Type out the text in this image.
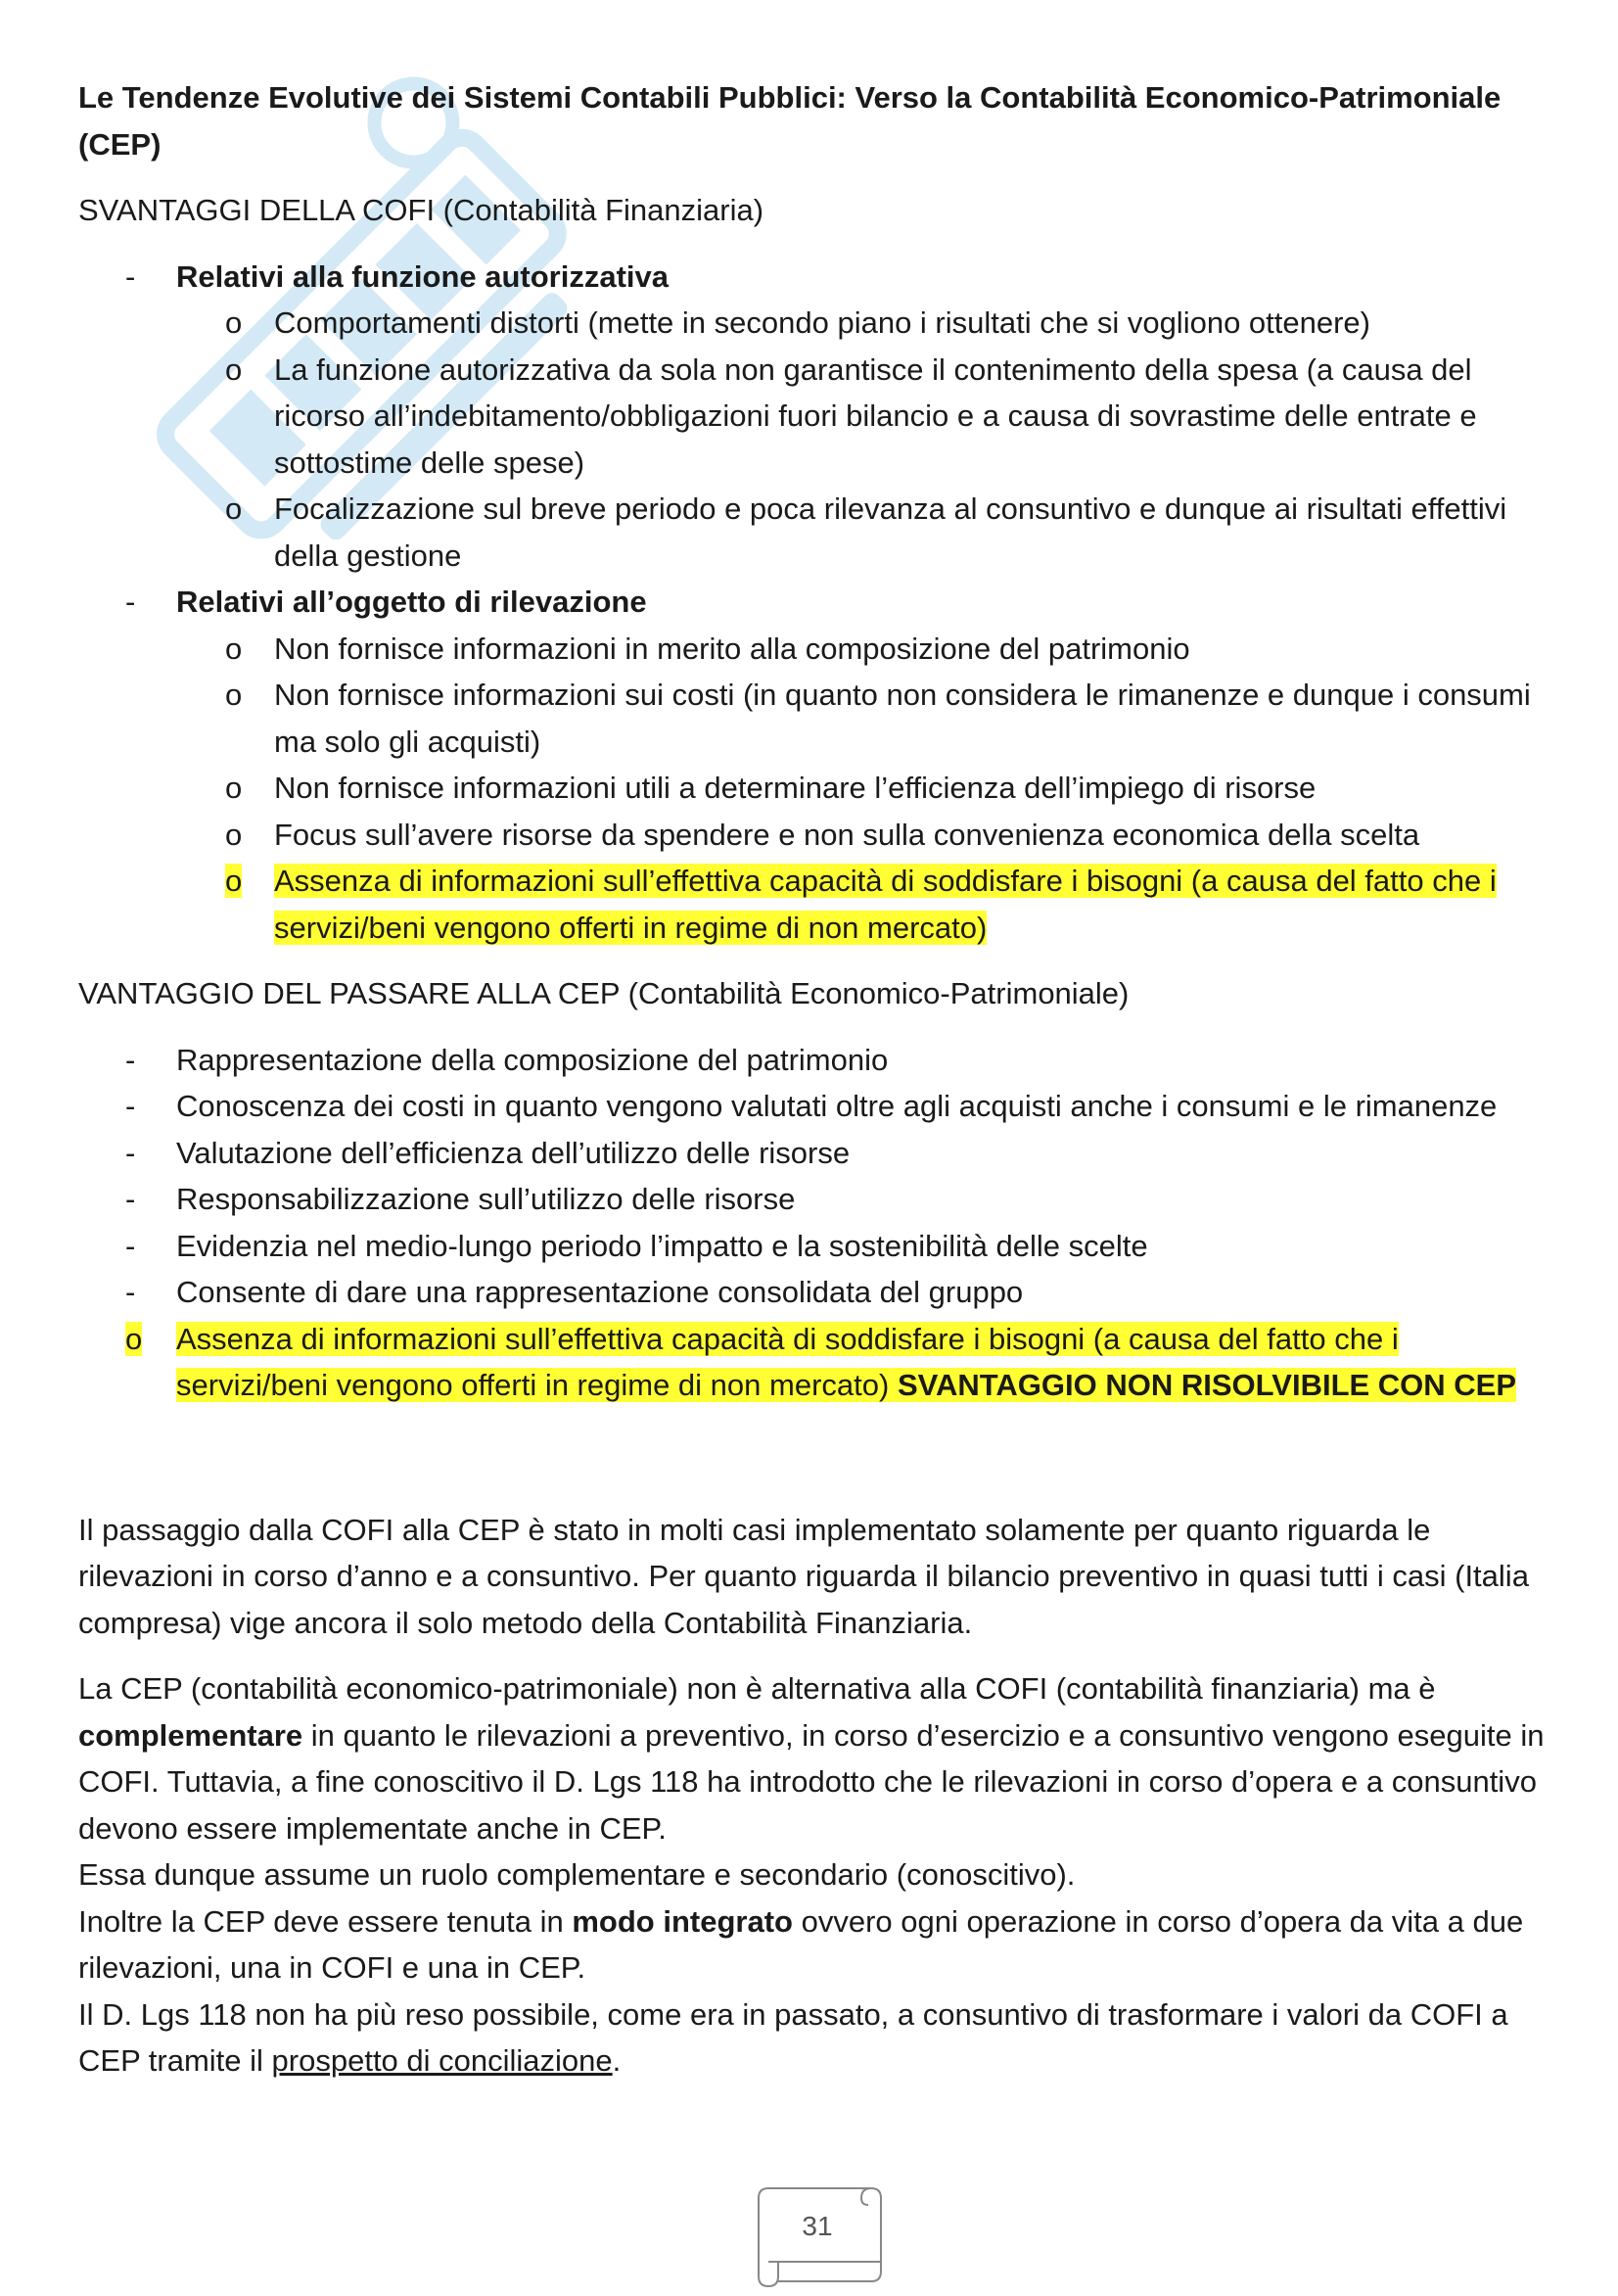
Le Tendenze Evolutive dei Sistemi Contabili Pubblici: Verso la Contabilità Economico-Patrimoniale (CEP)
SVANTAGGI DELLA COFI (Contabilità Finanziaria)
- Relativi alla funzione autorizzativa
o Comportamenti distorti (mette in secondo piano i risultati che si vogliono ottenere)
o La funzione autorizzativa da sola non garantisce il contenimento della spesa (a causa del ricorso all’indebitamento/obbligazioni fuori bilancio e a causa di sovrastime delle entrate e sottostime delle spese)
o Focalizzazione sul breve periodo e poca rilevanza al consuntivo e dunque ai risultati effettivi della gestione
- Relativi all’oggetto di rilevazione
o Non fornisce informazioni in merito alla composizione del patrimonio
o Non fornisce informazioni sui costi (in quanto non considera le rimanenze e dunque i consumi ma solo gli acquisti)
o Non fornisce informazioni utili a determinare l’efficienza dell’impiego di risorse
o Focus sull’avere risorse da spendere e non sulla convenienza economica della scelta
o Assenza di informazioni sull’effettiva capacità di soddisfare i bisogni (a causa del fatto che i servizi/beni vengono offerti in regime di non mercato)
VANTAGGIO DEL PASSARE ALLA CEP (Contabilità Economico-Patrimoniale)
- Rappresentazione della composizione del patrimonio
- Conoscenza dei costi in quanto vengono valutati oltre agli acquisti anche i consumi e le rimanenze
- Valutazione dell’efficienza dell’utilizzo delle risorse
- Responsabilizzazione sull’utilizzo delle risorse
- Evidenzia nel medio-lungo periodo l’impatto e la sostenibilità delle scelte
- Consente di dare una rappresentazione consolidata del gruppo
o Assenza di informazioni sull’effettiva capacità di soddisfare i bisogni (a causa del fatto che i servizi/beni vengono offerti in regime di non mercato) SVANTAGGIO NON RISOLVIBILE CON CEP

Il passaggio dalla COFI alla CEP è stato in molti casi implementato solamente per quanto riguarda le rilevazioni in corso d’anno e a consuntivo. Per quanto riguarda il bilancio preventivo in quasi tutti i casi (Italia compresa) vige ancora il solo metodo della Contabilità Finanziaria.

La CEP (contabilità economico-patrimoniale) non è alternativa alla COFI (contabilità finanziaria) ma è complementare in quanto le rilevazioni a preventivo, in corso d’esercizio e a consuntivo vengono eseguite in COFI. Tuttavia, a fine conoscitivo il D. Lgs 118 ha introdotto che le rilevazioni in corso d’opera e a consuntivo devono essere implementate anche in CEP.

Essa dunque assume un ruolo complementare e secondario (conoscitivo).

Inoltre la CEP deve essere tenuta in modo integrato ovvero ogni operazione in corso d’opera da vita a due rilevazioni, una in COFI e una in CEP.

Il D. Lgs 118 non ha più reso possibile, come era in passato, a consuntivo di trasformare i valori da COFI a CEP tramite il prospetto di conciliazione.

31
